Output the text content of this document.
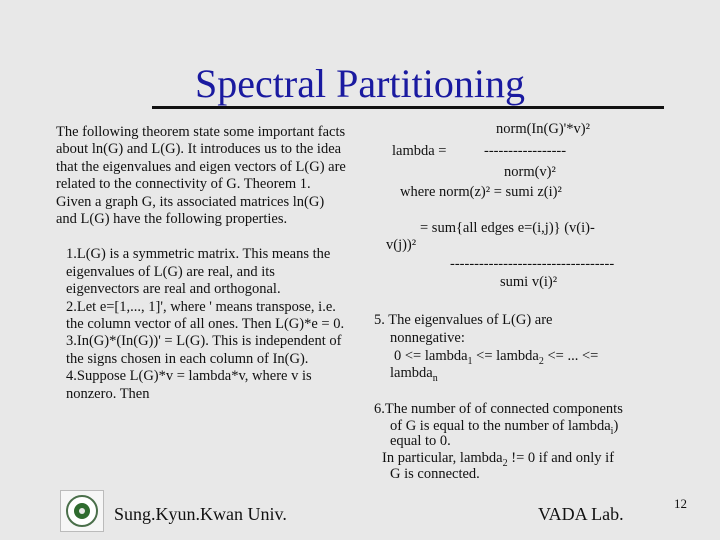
Spectral Partitioning

The following theorem state some important facts about ln(G) and L(G). It introduces us to the idea that the eigenvalues and eigen vectors of L(G) are related to the connectivity of G. Theorem 1. Given a graph G, its associated matrices ln(G) and L(G) have the following properties.

1.L(G) is a symmetric matrix. This means the eigenvalues of L(G) are real, and its eigenvectors are real and orthogonal.

2.Let e=[1,..., 1]', where ' means transpose, i.e. the column vector of all ones. Then L(G)*e = 0.

3.In(G)*(In(G))' = L(G). This is independent of the signs chosen in each column of In(G).

4.Suppose L(G)*v = lambda*v, where v is nonzero. Then

norm(In(G)'*v)²
lambda =	-----------------
norm(v)²
where norm(z)² = sumi z(i)²
= sum{all edges e=(i,j)} (v(i)-
v(j))²
----------------------------------
sumi v(i)²
5. The eigenvalues of L(G) are
nonnegative:
0 <= lambda$_1$ <= lambda$_2$ <= ... <=
lambda$_n$
6.The number of of connected components
of G is equal to the number of lambda$_i$)
equal to 0.
In particular, lambda$_2$ != 0 if and only if
G is connected.
Sung.Kyun.Kwan Univ.	VADA Lab.
12
